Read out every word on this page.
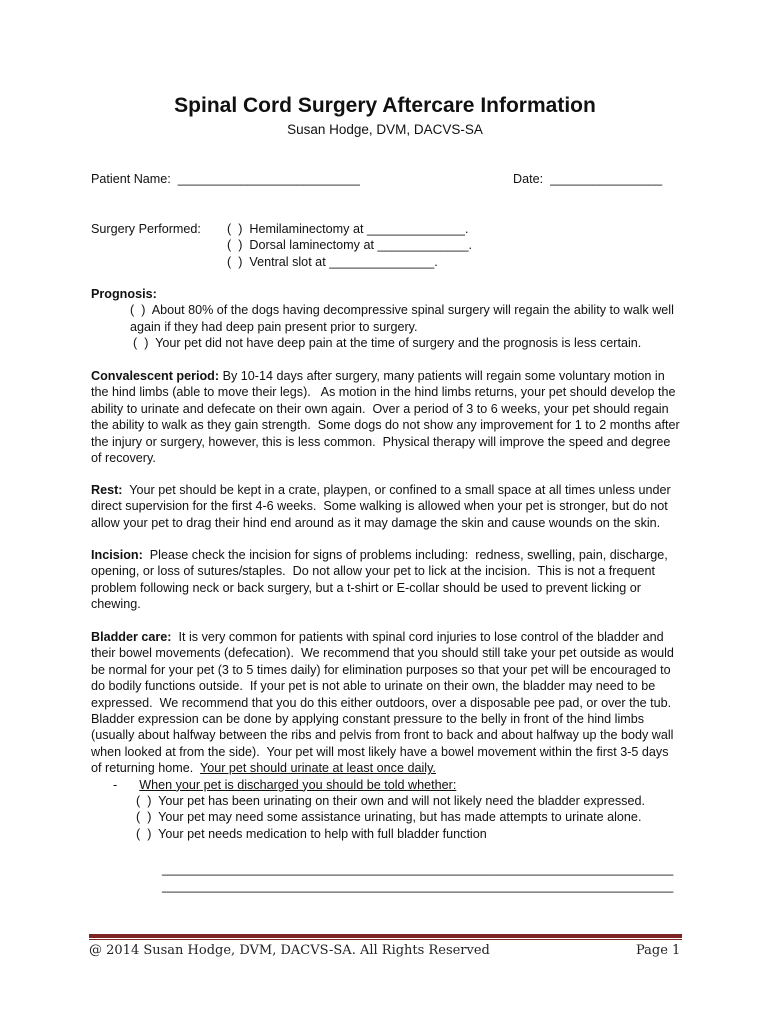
Spinal Cord Surgery Aftercare Information
Susan Hodge, DVM, DACVS-SA
Patient Name:  __________________________	Date:  ________________
Surgery Performed: (  )  Hemilaminectomy at ______________.
(  )  Dorsal laminectomy at _____________.
(  )  Ventral slot at _______________.
Prognosis:
(  )  About 80% of the dogs having decompressive spinal surgery will regain the ability to walk well
again if they had deep pain present prior to surgery.
(  )  Your pet did not have deep pain at the time of surgery and the prognosis is less certain.
Convalescent period: By 10-14 days after surgery, many patients will regain some voluntary motion in
the hind limbs (able to move their legs).   As motion in the hind limbs returns, your pet should develop the
ability to urinate and defecate on their own again.  Over a period of 3 to 6 weeks, your pet should regain
the ability to walk as they gain strength.  Some dogs do not show any improvement for 1 to 2 months after
the injury or surgery, however, this is less common.  Physical therapy will improve the speed and degree
of recovery.
Rest:  Your pet should be kept in a crate, playpen, or confined to a small space at all times unless under
direct supervision for the first 4-6 weeks.  Some walking is allowed when your pet is stronger, but do not
allow your pet to drag their hind end around as it may damage the skin and cause wounds on the skin.
Incision:  Please check the incision for signs of problems including:  redness, swelling, pain, discharge,
opening, or loss of sutures/staples.  Do not allow your pet to lick at the incision.  This is not a frequent
problem following neck or back surgery, but a t-shirt or E-collar should be used to prevent licking or
chewing.
Bladder care:  It is very common for patients with spinal cord injuries to lose control of the bladder and
their bowel movements (defecation).  We recommend that you should still take your pet outside as would
be normal for your pet (3 to 5 times daily) for elimination purposes so that your pet will be encouraged to
do bodily functions outside.  If your pet is not able to urinate on their own, the bladder may need to be
expressed.  We recommend that you do this either outdoors, over a disposable pee pad, or over the tub.
Bladder expression can be done by applying constant pressure to the belly in front of the hind limbs
(usually about halfway between the ribs and pelvis from front to back and about halfway up the body wall
when looked at from the side).  Your pet will most likely have a bowel movement within the first 3-5 days
of returning home.  Your pet should urinate at least once daily.
- When your pet is discharged you should be told whether:
(  )  Your pet has been urinating on their own and will not likely need the bladder expressed.
(  )  Your pet may need some assistance urinating, but has made attempts to urinate alone.
(  )  Your pet needs medication to help with full bladder function
_________________________________________________________________________
_________________________________________________________________________
@ 2014 Susan Hodge, DVM, DACVS-SA. All Rights Reserved	Page 1
